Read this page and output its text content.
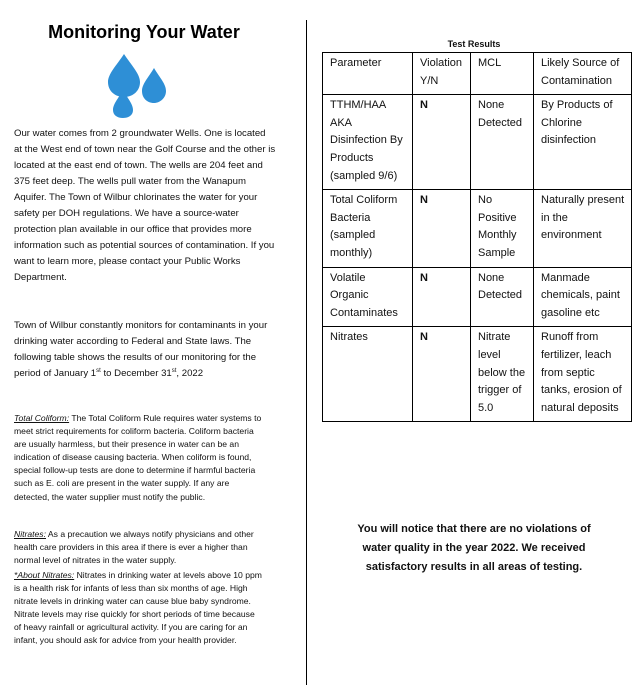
Monitoring Your Water

Our water comes from 2 groundwater Wells. One is located at the West end of town near the Golf Course and the other is located at the east end of town. The wells are 204 feet and 375 feet deep. The wells pull water from the Wanapum Aquifer. The Town of Wilbur chlorinates the water for your safety per DOH regulations. We have a source-water protection plan available in our office that provides more information such as potential sources of contamination. If you want to learn more, please contact your Public Works Department.

Town of Wilbur constantly monitors for contaminants in your drinking water according to Federal and State laws. The following table shows the results of our monitoring for the period of January 1st to December 31st, 2022

Total Coliform: The Total Coliform Rule requires water systems to meet strict requirements for coliform bacteria. Coliform bacteria are usually harmless, but their presence in water can be an indication of disease causing bacteria. When coliform is found, special follow-up tests are done to determine if harmful bacteria such as E. coli are present in the water supply. If any are detected, the water supplier must notify the public.

Nitrates: As a precaution we always notify physicians and other health care providers in this area if there is ever a higher than normal level of nitrates in the water supply.

*About Nitrates: Nitrates in drinking water at levels above 10 ppm is a health risk for infants of less than six months of age. High nitrate levels in drinking water can cause blue baby syndrome. Nitrate levels may rise quickly for short periods of time because of heavy rainfall or agricultural activity. If you are caring for an infant, you should ask for advice from your health provider.

Test Results

Parameter	Violation Y/N	MCL	Likely Source of Contamination
TTHM/HAA AKA Disinfection By Products (sampled 9/6)	N	None Detected	By Products of Chlorine disinfection
Total Coliform Bacteria (sampled monthly)	N	No Positive Monthly Sample	Naturally present in the environment
Volatile Organic Contaminates	N	None Detected	Manmade chemicals, paint gasoline etc
Nitrates	N	Nitrate level below the trigger of 5.0	Runoff from fertilizer, leach from septic tanks, erosion of natural deposits

You will notice that there are no violations of water quality in the year 2022. We received satisfactory results in all areas of testing.
